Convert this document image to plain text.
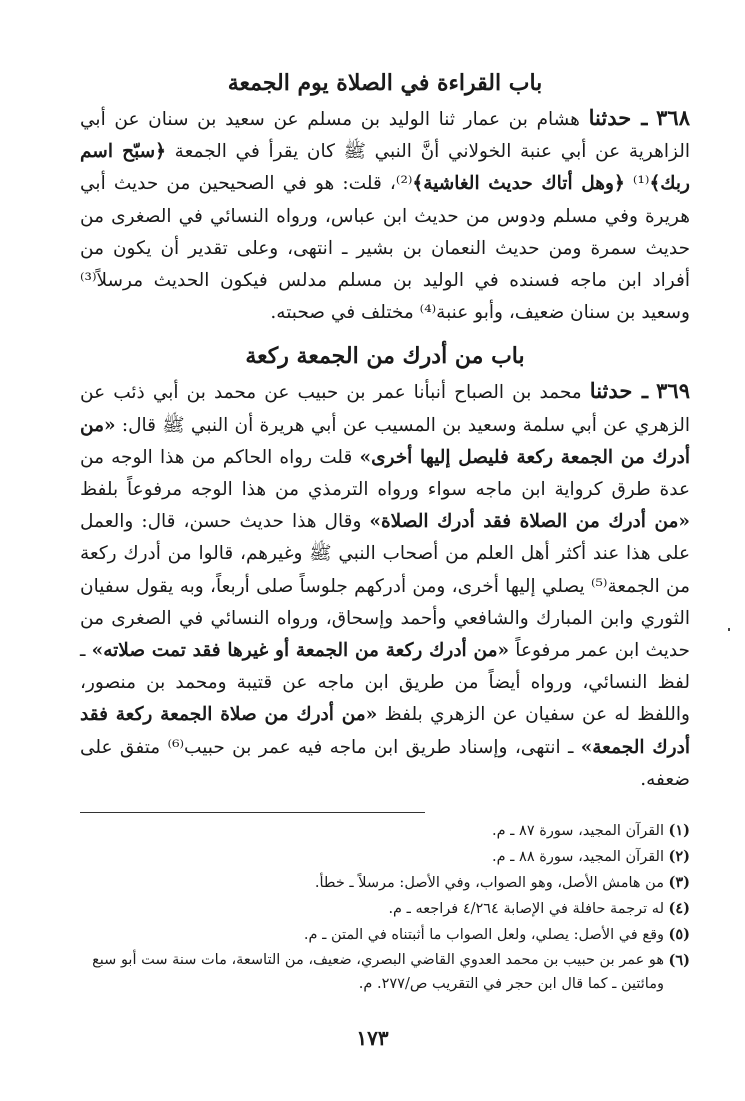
باب القراءة في الصلاة يوم الجمعة

٣٦٨ ـ حدثنا هشام بن عمار ثنا الوليد بن مسلم عن سعيد بن سنان عن أبي الزاهرية عن أبي عنبة الخولاني أنَّ النبي ﷺ كان يقرأ في الجمعة ﴿سبّح اسم ربك﴾⁽¹⁾ ﴿وهل أتاك حديث الغاشية﴾⁽²⁾، قلت: هو في الصحيحين من حديث أبي هريرة وفي مسلم ودوس من حديث ابن عباس، ورواه النسائي في الصغرى من حديث سمرة ومن حديث النعمان بن بشير ـ انتهى، وعلى تقدير أن يكون من أفراد ابن ماجه فسنده في الوليد بن مسلم مدلس فيكون الحديث مرسلاً⁽³⁾ وسعيد بن سنان ضعيف، وأبو عنبة⁽⁴⁾ مختلف في صحبته.

باب من أدرك من الجمعة ركعة

٣٦٩ ـ حدثنا محمد بن الصباح أنبأنا عمر بن حبيب عن محمد بن أبي ذئب عن الزهري عن أبي سلمة وسعيد بن المسيب عن أبي هريرة أن النبي ﷺ قال: «من أدرك من الجمعة ركعة فليصل إليها أخرى» قلت رواه الحاكم من هذا الوجه من عدة طرق كرواية ابن ماجه سواء ورواه الترمذي من هذا الوجه مرفوعاً بلفظ «من أدرك من الصلاة فقد أدرك الصلاة» وقال هذا حديث حسن، قال: والعمل على هذا عند أكثر أهل العلم من أصحاب النبي ﷺ وغيرهم، قالوا من أدرك ركعة من الجمعة⁽⁵⁾ يصلي إليها أخرى، ومن أدركهم جلوساً صلى أربعاً، وبه يقول سفيان الثوري وابن المبارك والشافعي وأحمد وإسحاق، ورواه النسائي في الصغرى من حديث ابن عمر مرفوعاً «من أدرك ركعة من الجمعة أو غيرها فقد تمت صلاته» ـ لفظ النسائي، ورواه أيضاً من طريق ابن ماجه عن قتيبة ومحمد بن منصور، واللفظ له عن سفيان عن الزهري بلفظ «من أدرك من صلاة الجمعة ركعة فقد أدرك الجمعة» ـ انتهى، وإسناد طريق ابن ماجه فيه عمر بن حبيب⁽⁶⁾ متفق على ضعفه.

(١)
القرآن المجيد، سورة ٨٧ ـ م.
(٢)
القرآن المجيد، سورة ٨٨ ـ م.
(٣)
من هامش الأصل، وهو الصواب، وفي الأصل: مرسلاً ـ خطأ.
(٤)
له ترجمة حافلة في الإصابة ٤/٢٦٤ فراجعه ـ م.
(٥)
وقع في الأصل: يصلي، ولعل الصواب ما أثبتناه في المتن ـ م.
(٦)
هو عمر بن حبيب بن محمد العدوي القاضي البصري، ضعيف، من التاسعة، مات سنة ست أبو سبع ومائتين ـ كما قال ابن حجر في التقريب ص/٢٧٧. م.
١٧٣
